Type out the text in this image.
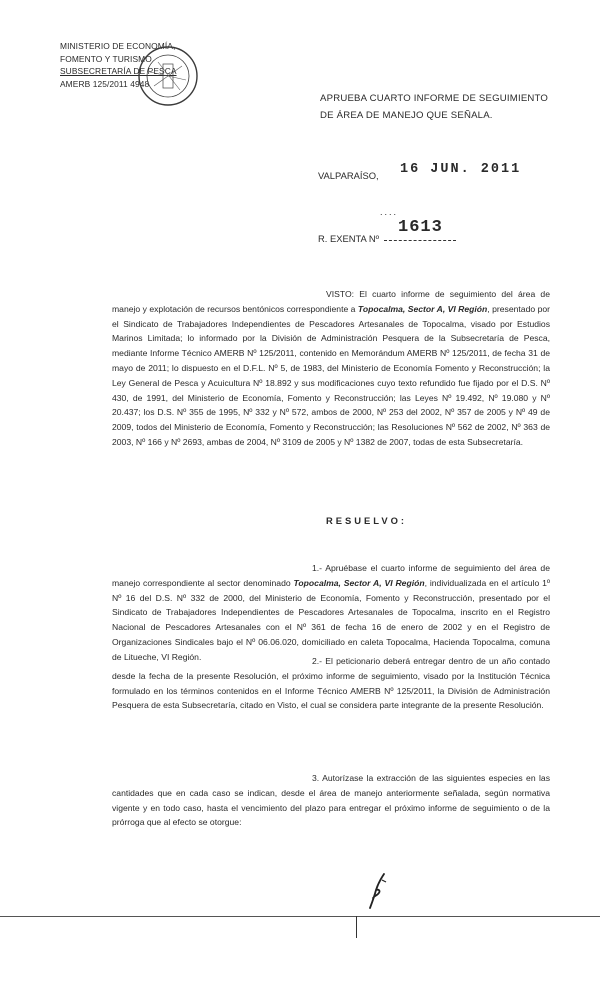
MINISTERIO DE ECONOMÍA,
FOMENTO Y TURISMO
SUBSECRETARÍA DE PESCA
AMERB 125/2011 4948
APRUEBA CUARTO INFORME DE SEGUIMIENTO DE ÁREA DE MANEJO QUE SEÑALA.
VALPARAÍSO, 16 JUN. 2011
....
R. EXENTA Nº
1613

VISTO: El cuarto informe de seguimiento del área de manejo y explotación de recursos bentónicos correspondiente a Topocalma, Sector A, VI Región, presentado por el Sindicato de Trabajadores Independientes de Pescadores Artesanales de Topocalma, visado por Estudios Marinos Limitada; lo informado por la División de Administración Pesquera de la Subsecretaría de Pesca, mediante Informe Técnico AMERB Nº 125/2011, contenido en Memorándum AMERB Nº 125/2011, de fecha 31 de mayo de 2011; lo dispuesto en el D.F.L. Nº 5, de 1983, del Ministerio de Economía Fomento y Reconstrucción; la Ley General de Pesca y Acuicultura Nº 18.892 y sus modificaciones cuyo texto refundido fue fijado por el D.S. Nº 430, de 1991, del Ministerio de Economía, Fomento y Reconstrucción; las Leyes Nº 19.492, Nº 19.080 y Nº 20.437; los D.S. Nº 355 de 1995, Nº 332 y Nº 572, ambos de 2000, Nº 253 del 2002, Nº 357 de 2005 y Nº 49 de 2009, todos del Ministerio de Economía, Fomento y Reconstrucción; las Resoluciones Nº 562 de 2002, Nº 363 de 2003, Nº 166 y Nº 2693, ambas de 2004, Nº 3109 de 2005 y Nº 1382 de 2007, todas de esta Subsecretaría.

RESUELVO:

1.- Apruébase el cuarto informe de seguimiento del área de manejo correspondiente al sector denominado Topocalma, Sector A, VI Región, individualizada en el artículo 1º Nº 16 del D.S. Nº 332 de 2000, del Ministerio de Economía, Fomento y Reconstrucción, presentado por el Sindicato de Trabajadores Independientes de Pescadores Artesanales de Topocalma, inscrito en el Registro Nacional de Pescadores Artesanales con el Nº 361 de fecha 16 de enero de 2002 y en el Registro de Organizaciones Sindicales bajo el Nº 06.06.020, domiciliado en caleta Topocalma, Hacienda Topocalma, comuna de Litueche, VI Región.	2.- El peticionario deberá entregar dentro de un año contado desde la fecha de la presente Resolución, el próximo informe de seguimiento, visado por la Institución Técnica formulado en los términos contenidos en el Informe Técnico AMERB Nº 125/2011, la División de Administración Pesquera de esta Subsecretaría, citado en Visto, el cual se considera parte integrante de la presente Resolución.

3. Autorízase la extracción de las siguientes especies en las cantidades que en cada caso se indican, desde el área de manejo anteriormente señalada, según normativa vigente y en todo caso, hasta el vencimiento del plazo para entregar el próximo informe de seguimiento o de la prórroga que al efecto se otorgue:
